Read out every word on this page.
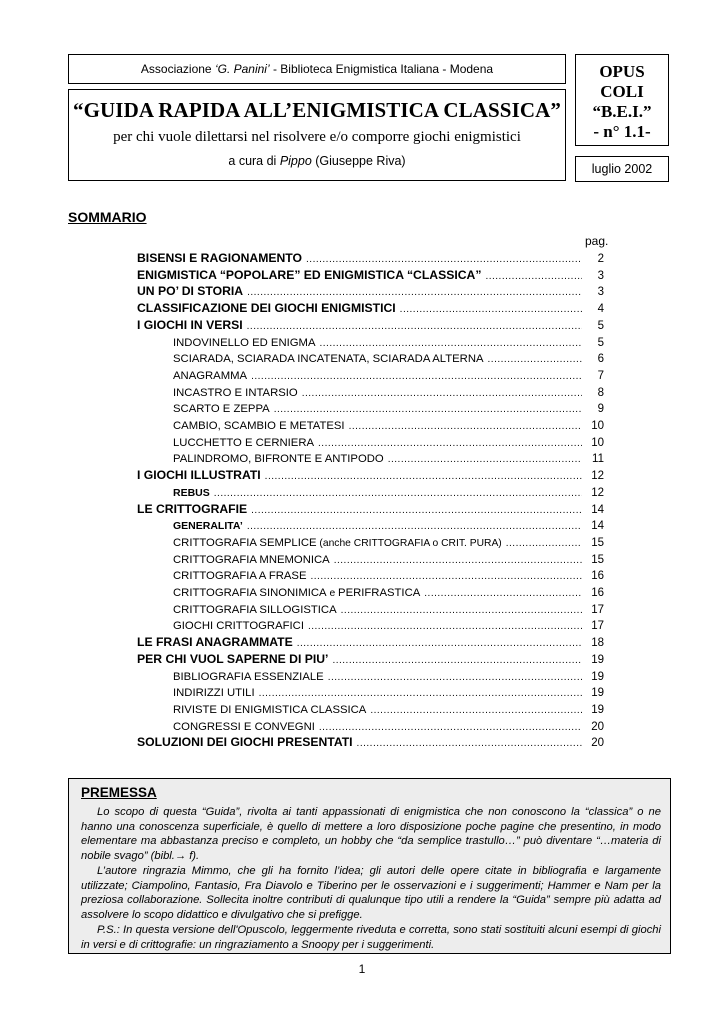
Associazione ‘G. Panini’ - Biblioteca Enigmistica Italiana - Modena
“GUIDA RAPIDA ALL’ENIGMISTICA CLASSICA”
per chi vuole dilettarsi nel risolvere e/o comporre giochi enigmistici
a cura di Pippo (Giuseppe Riva)
OPUS
COLI
“B.E.I.”
- n° 1.1-
luglio 2002
SOMMARIO
pag.
BISENSI E RAGIONAMENTO .....	2
ENIGMISTICA “POPOLARE” ED ENIGMISTICA “CLASSICA” .....	3
UN PO’ DI STORIA .....	3
CLASSIFICAZIONE DEI GIOCHI ENIGMISTICI .....	4
I GIOCHI IN VERSI .....	5
INDOVINELLO ED ENIGMA .....	5
SCIARADA, SCIARADA INCATENATA, SCIARADA ALTERNA .....	6
ANAGRAMMA .....	7
INCASTRO E INTARSIO .....	8
SCARTO E ZEPPA .....	9
CAMBIO, SCAMBIO E METATESI .....	10
LUCCHETTO E CERNIERA .....	10
PALINDROMO, BIFRONTE E ANTIPODO .....	11
I GIOCHI ILLUSTRATI .....	12
REBUS .....	12
LE CRITTOGRAFIE .....	14
GENERALITA’ .....	14
CRITTOGRAFIA SEMPLICE (anche CRITTOGRAFIA o CRIT. PURA) .....	15
CRITTOGRAFIA MNEMONICA .....	15
CRITTOGRAFIA A FRASE .....	16
CRITTOGRAFIA SINONIMICA e PERIFRASTICA .....	16
CRITTOGRAFIA SILLOGISTICA .....	17
GIOCHI CRITTOGRAFICI .....	17
LE FRASI ANAGRAMMATE .....	18
PER CHI VUOL SAPERNE DI PIU’ .....	19
BIBLIOGRAFIA ESSENZIALE .....	19
INDIRIZZI UTILI .....	19
RIVISTE DI ENIGMISTICA CLASSICA .....	19
CONGRESSI E CONVEGNI .....	20
SOLUZIONI DEI GIOCHI PRESENTATI .....	20
PREMESSA
Lo scopo di questa “Guida”, rivolta ai tanti appassionati di enigmistica che non conoscono la “classica” o ne hanno una conoscenza superficiale, è quello di mettere a loro disposizione poche pagine che presentino, in modo elementare ma abbastanza preciso e completo, un hobby che “da semplice trastullo…” può diventare “…materia di nobile svago” (bibl.→ f).
L’autore ringrazia Mimmo, che gli ha fornito l’idea; gli autori delle opere citate in bibliografia e largamente utilizzate; Ciampolino, Fantasio, Fra Diavolo e Tiberino per le osservazioni e i suggerimenti; Hammer e Nam per la preziosa collaborazione. Sollecita inoltre contributi di qualunque tipo utili a rendere la “Guida” sempre più adatta ad assolvere lo scopo didattico e divulgativo che si prefigge.
P.S.: In questa versione dell'Opuscolo, leggermente riveduta e corretta, sono stati sostituiti alcuni esempi di giochi in versi e di crittografie: un ringraziamento a Snoopy per i suggerimenti.
1
